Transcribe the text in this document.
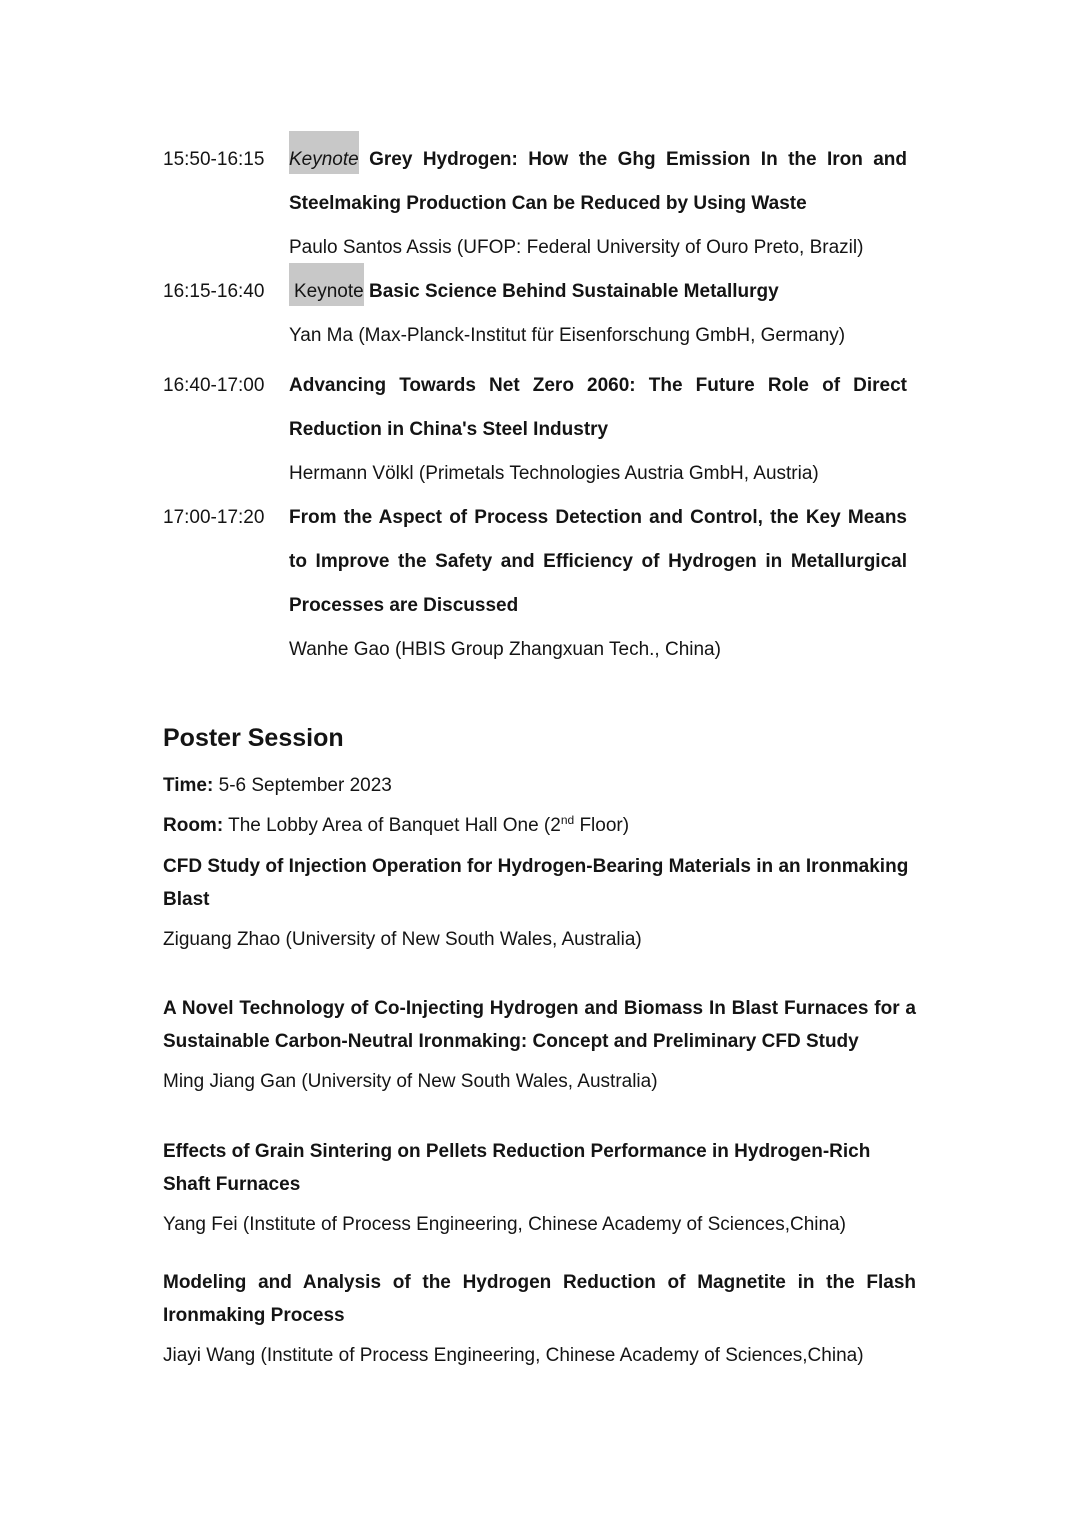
15:50-16:15 Keynote Grey Hydrogen: How the Ghg Emission In the Iron and
Steelmaking Production Can be Reduced by Using Waste
Paulo Santos Assis (UFOP: Federal University of Ouro Preto, Brazil)
16:15-16:40 Keynote Basic Science Behind Sustainable Metallurgy
Yan Ma (Max-Planck-Institut für Eisenforschung GmbH, Germany)
16:40-17:00 Advancing Towards Net Zero 2060: The Future Role of Direct
Reduction in China's Steel Industry
Hermann Völkl (Primetals Technologies Austria GmbH, Austria)
17:00-17:20 From the Aspect of Process Detection and Control, the Key Means
to Improve the Safety and Efficiency of Hydrogen in Metallurgical
Processes are Discussed
Wanhe Gao (HBIS Group Zhangxuan Tech., China)
Poster Session
Time: 5-6 September 2023
Room: The Lobby Area of Banquet Hall One (2nd Floor)
CFD Study of Injection Operation for Hydrogen-Bearing Materials in an Ironmaking
Blast
Ziguang Zhao (University of New South Wales, Australia)
A Novel Technology of Co-Injecting Hydrogen and Biomass In Blast Furnaces for a
Sustainable Carbon-Neutral Ironmaking: Concept and Preliminary CFD Study
Ming Jiang Gan (University of New South Wales, Australia)
Effects of Grain Sintering on Pellets Reduction Performance in Hydrogen-Rich
Shaft Furnaces
Yang Fei (Institute of Process Engineering, Chinese Academy of Sciences,China)
Modeling and Analysis of the Hydrogen Reduction of Magnetite in the Flash
Ironmaking Process
Jiayi Wang (Institute of Process Engineering, Chinese Academy of Sciences,China)
